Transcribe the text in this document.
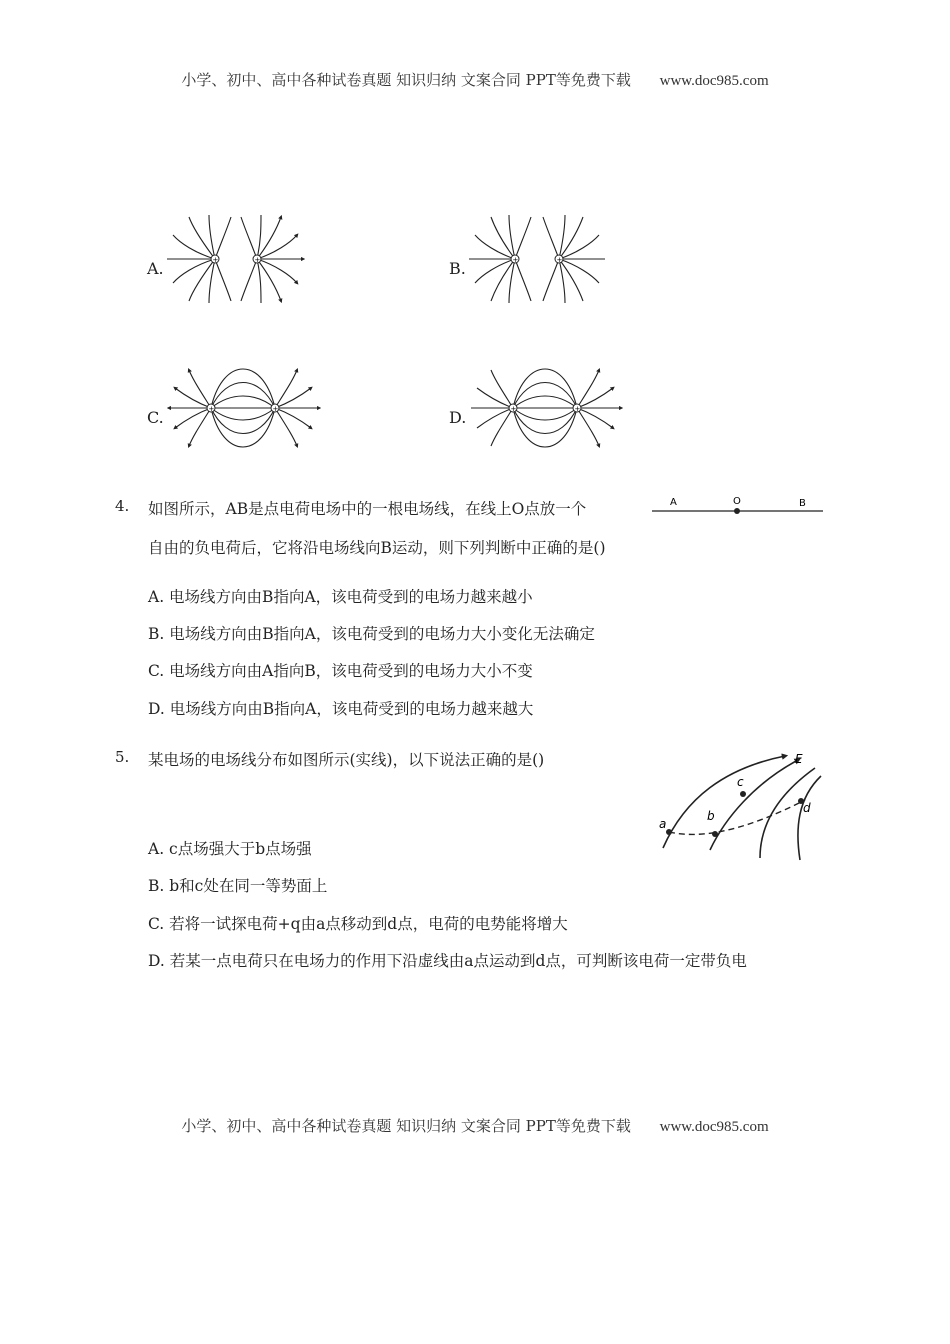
小学、初中、高中各种试卷真题 知识归纳 文案合同 PPT等免费下载 www.doc985.com
A.	+	+	B.	+	+
C.	+	+	D.	+	+
4. 如图所示，AB是点电荷电场中的一根电场线，在线上O点放一个
自由的负电荷后，它将沿电场线向B运动，则下列判断中正确的是()
A	O	B
A. 电场线方向由B指向A，该电荷受到的电场力越来越小
B. 电场线方向由B指向A，该电荷受到的电场力大小变化无法确定
C. 电场线方向由A指向B，该电荷受到的电场力大小不变
D. 电场线方向由B指向A，该电荷受到的电场力越来越大
5. 某电场的电场线分布如图所示(实线)，以下说法正确的是()	E
a
b
c
d
A. c点场强大于b点场强
B. b和c处在同一等势面上
C. 若将一试探电荷+q由a点移动到d点，电荷的电势能将增大
D. 若某一点电荷只在电场力的作用下沿虚线由a点运动到d点，可判断该电荷一定带负电
小学、初中、高中各种试卷真题 知识归纳 文案合同 PPT等免费下载 www.doc985.com
